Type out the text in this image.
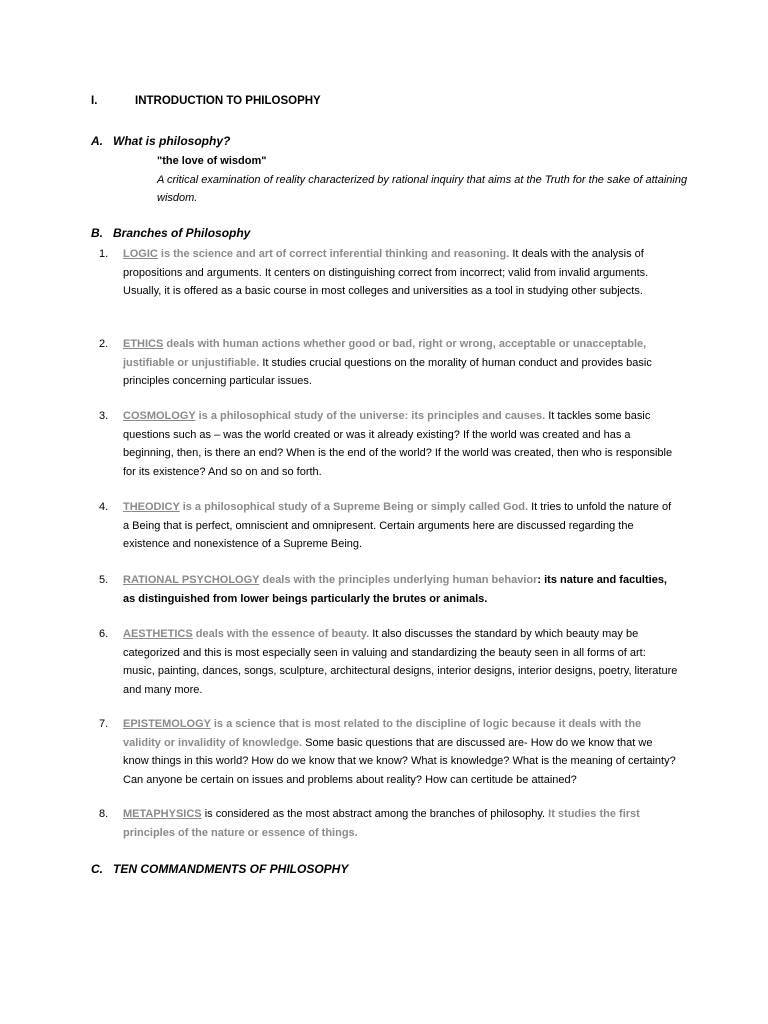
I.	INTRODUCTION TO PHILOSOPHY
A. What is philosophy?
"the love of wisdom"
A critical examination of reality characterized by rational inquiry that aims at the Truth for the sake of attaining wisdom.
B. Branches of Philosophy
1. LOGIC is the science and art of correct inferential thinking and reasoning. It deals with the analysis of propositions and arguments. It centers on distinguishing correct from incorrect; valid from invalid arguments. Usually, it is offered as a basic course in most colleges and universities as a tool in studying other subjects.
2. ETHICS deals with human actions whether good or bad, right or wrong, acceptable or unacceptable, justifiable or unjustifiable. It studies crucial questions on the morality of human conduct and provides basic principles concerning particular issues.
3. COSMOLOGY is a philosophical study of the universe: its principles and causes. It tackles some basic questions such as – was the world created or was it already existing? If the world was created and has a beginning, then, is there an end? When is the end of the world? If the world was created, then who is responsible for its existence? And so on and so forth.
4. THEODICY is a philosophical study of a Supreme Being or simply called God. It tries to unfold the nature of a Being that is perfect, omniscient and omnipresent. Certain arguments here are discussed regarding the existence and nonexistence of a Supreme Being.
5. RATIONAL PSYCHOLOGY deals with the principles underlying human behavior: its nature and faculties, as distinguished from lower beings particularly the brutes or animals.
6. AESTHETICS deals with the essence of beauty. It also discusses the standard by which beauty may be categorized and this is most especially seen in valuing and standardizing the beauty seen in all forms of art: music, painting, dances, songs, sculpture, architectural designs, interior designs, interior designs, poetry, literature and many more.
7. EPISTEMOLOGY is a science that is most related to the discipline of logic because it deals with the validity or invalidity of knowledge. Some basic questions that are discussed are- How do we know that we know things in this world? How do we know that we know? What is knowledge? What is the meaning of certainty? Can anyone be certain on issues and problems about reality? How can certitude be attained?
8. METAPHYSICS is considered as the most abstract among the branches of philosophy. It studies the first principles of the nature or essence of things.
C. TEN COMMANDMENTS OF PHILOSOPHY
